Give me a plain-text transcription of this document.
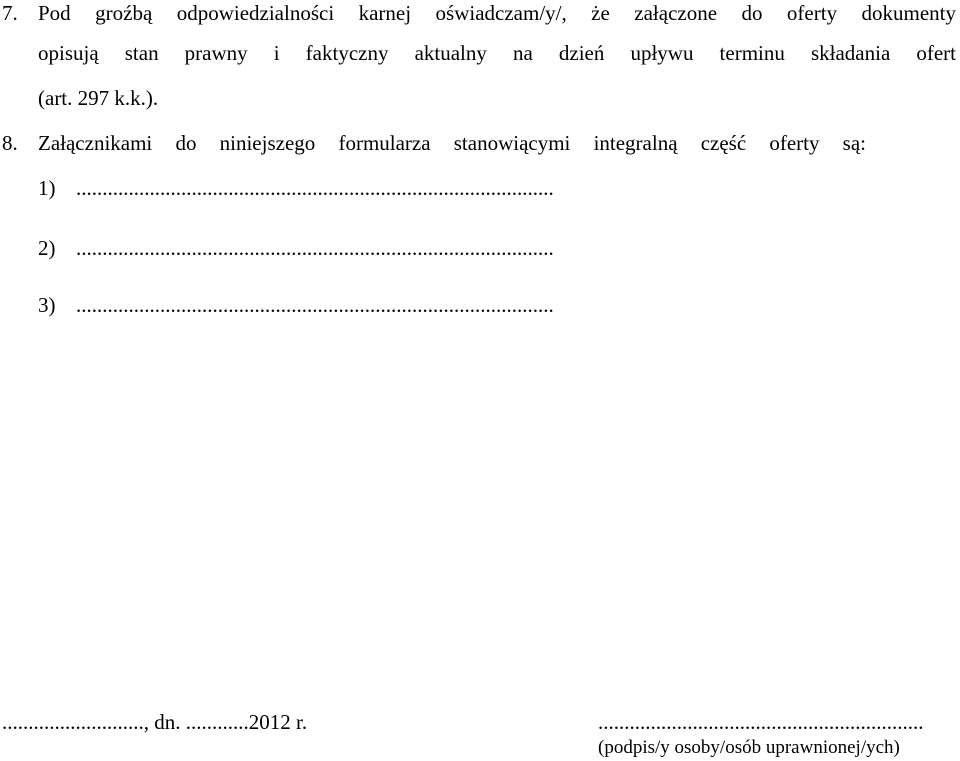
7. Pod groźbą odpowiedzialności karnej oświadczam/y/, że załączone do oferty dokumenty
opisują stan prawny i faktyczny aktualny na dzień upływu terminu składania ofert
(art. 297 k.k.).
8. Załącznikami do niniejszego formularza stanowiącymi integralną część oferty są:
1) ...........................................................................................
2) ...........................................................................................
3) ...........................................................................................
..........................., dn. ............2012 r.	..............................................................
(podpis/y osoby/osób uprawnionej/ych)
